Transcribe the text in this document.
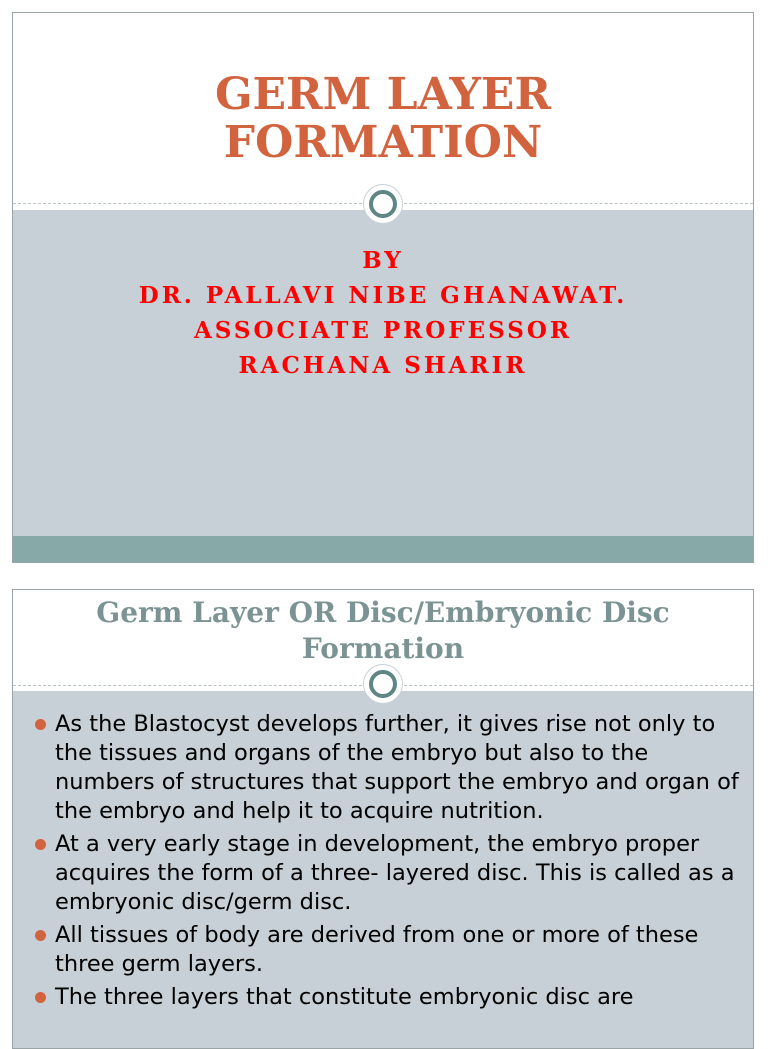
GERM LAYER
FORMATION
BY
DR. PALLAVI NIBE GHANAWAT.
ASSOCIATE PROFESSOR
RACHANA SHARIR
Germ Layer OR Disc/Embryonic Disc
Formation
As the Blastocyst develops further, it gives rise not only to the tissues and organs of the embryo but also to the numbers of structures that support the embryo and organ of the embryo and help it to acquire nutrition.
At a very early stage in development, the embryo proper acquires the form of a three- layered disc. This is called as a embryonic disc/germ disc.
All tissues of body are derived from one or more of these three germ layers.
The three layers that constitute embryonic disc are
